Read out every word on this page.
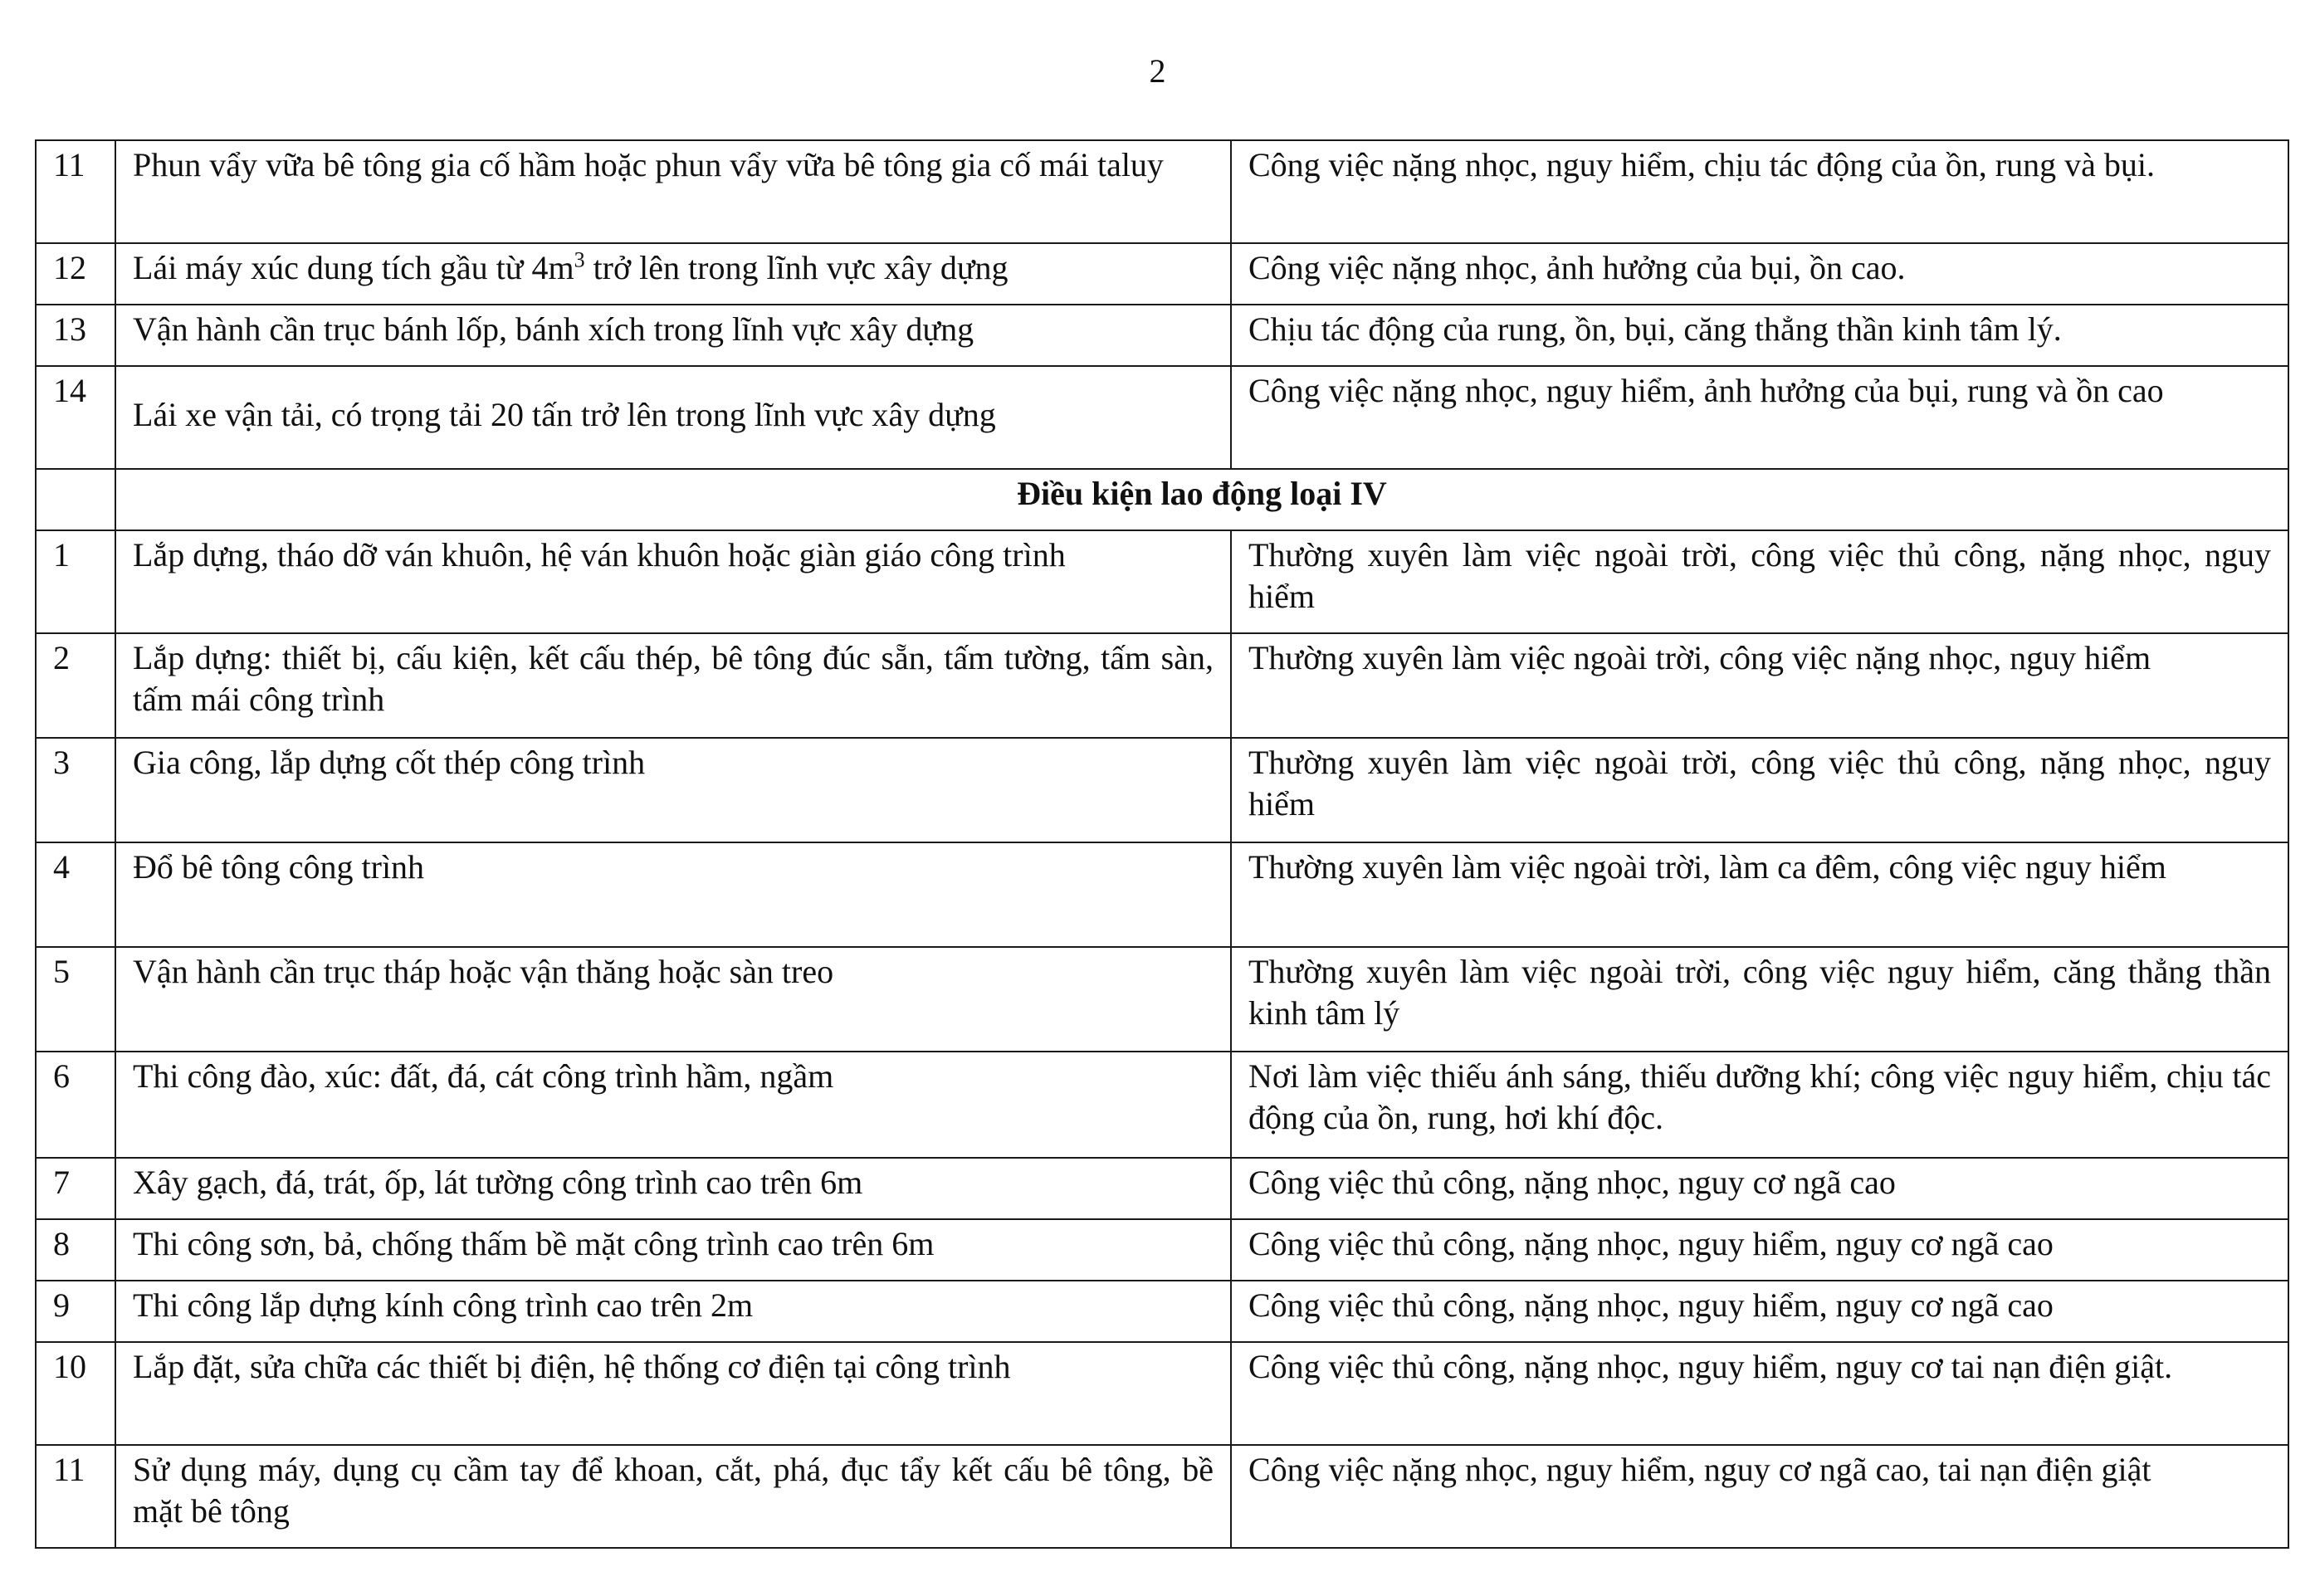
2
11	Phun vẩy vữa bê tông gia cố hầm hoặc phun vẩy vữa bê tông gia cố mái taluy	Công việc nặng nhọc, nguy hiểm, chịu tác động của ồn, rung và bụi.
12	Lái máy xúc dung tích gầu từ $4m^3$ trở lên trong lĩnh vực xây dựng	Công việc nặng nhọc, ảnh hưởng của bụi, ồn cao.
13	Vận hành cần trục bánh lốp, bánh xích trong lĩnh vực xây dựng	Chịu tác động của rung, ồn, bụi, căng thẳng thần kinh tâm lý.
14	Lái xe vận tải, có trọng tải 20 tấn trở lên trong lĩnh vực xây dựng	Công việc nặng nhọc, nguy hiểm, ảnh hưởng của bụi, rung và ồn cao
	Điều kiện lao động loại IV	
1	Lắp dựng, tháo dỡ ván khuôn, hệ ván khuôn hoặc giàn giáo công trình	Thường xuyên làm việc ngoài trời, công việc thủ công, nặng nhọc, nguy hiểm
2	Lắp dựng: thiết bị, cấu kiện, kết cấu thép, bê tông đúc sẵn, tấm tường, tấm sàn, tấm mái công trình	Thường xuyên làm việc ngoài trời, công việc nặng nhọc, nguy hiểm
3	Gia công, lắp dựng cốt thép công trình	Thường xuyên làm việc ngoài trời, công việc thủ công, nặng nhọc, nguy hiểm
4	Đổ bê tông công trình	Thường xuyên làm việc ngoài trời, làm ca đêm, công việc nguy hiểm
5	Vận hành cần trục tháp hoặc vận thăng hoặc sàn treo	Thường xuyên làm việc ngoài trời, công việc nguy hiểm, căng thẳng thần kinh tâm lý
6	Thi công đào, xúc: đất, đá, cát công trình hầm, ngầm	Nơi làm việc thiếu ánh sáng, thiếu dưỡng khí; công việc nguy hiểm, chịu tác động của ồn, rung, hơi khí độc.
7	Xây gạch, đá, trát, ốp, lát tường công trình cao trên 6m	Công việc thủ công, nặng nhọc, nguy cơ ngã cao
8	Thi công sơn, bả, chống thấm bề mặt công trình cao trên 6m	Công việc thủ công, nặng nhọc, nguy hiểm, nguy cơ ngã cao
9	Thi công lắp dựng kính công trình cao trên 2m	Công việc thủ công, nặng nhọc, nguy hiểm, nguy cơ ngã cao
10	Lắp đặt, sửa chữa các thiết bị điện, hệ thống cơ điện tại công trình	Công việc thủ công, nặng nhọc, nguy hiểm, nguy cơ tai nạn điện giật.
11	Sử dụng máy, dụng cụ cầm tay để khoan, cắt, phá, đục tẩy kết cấu bê tông, bề mặt bê tông	Công việc nặng nhọc, nguy hiểm, nguy cơ ngã cao, tai nạn điện giật
